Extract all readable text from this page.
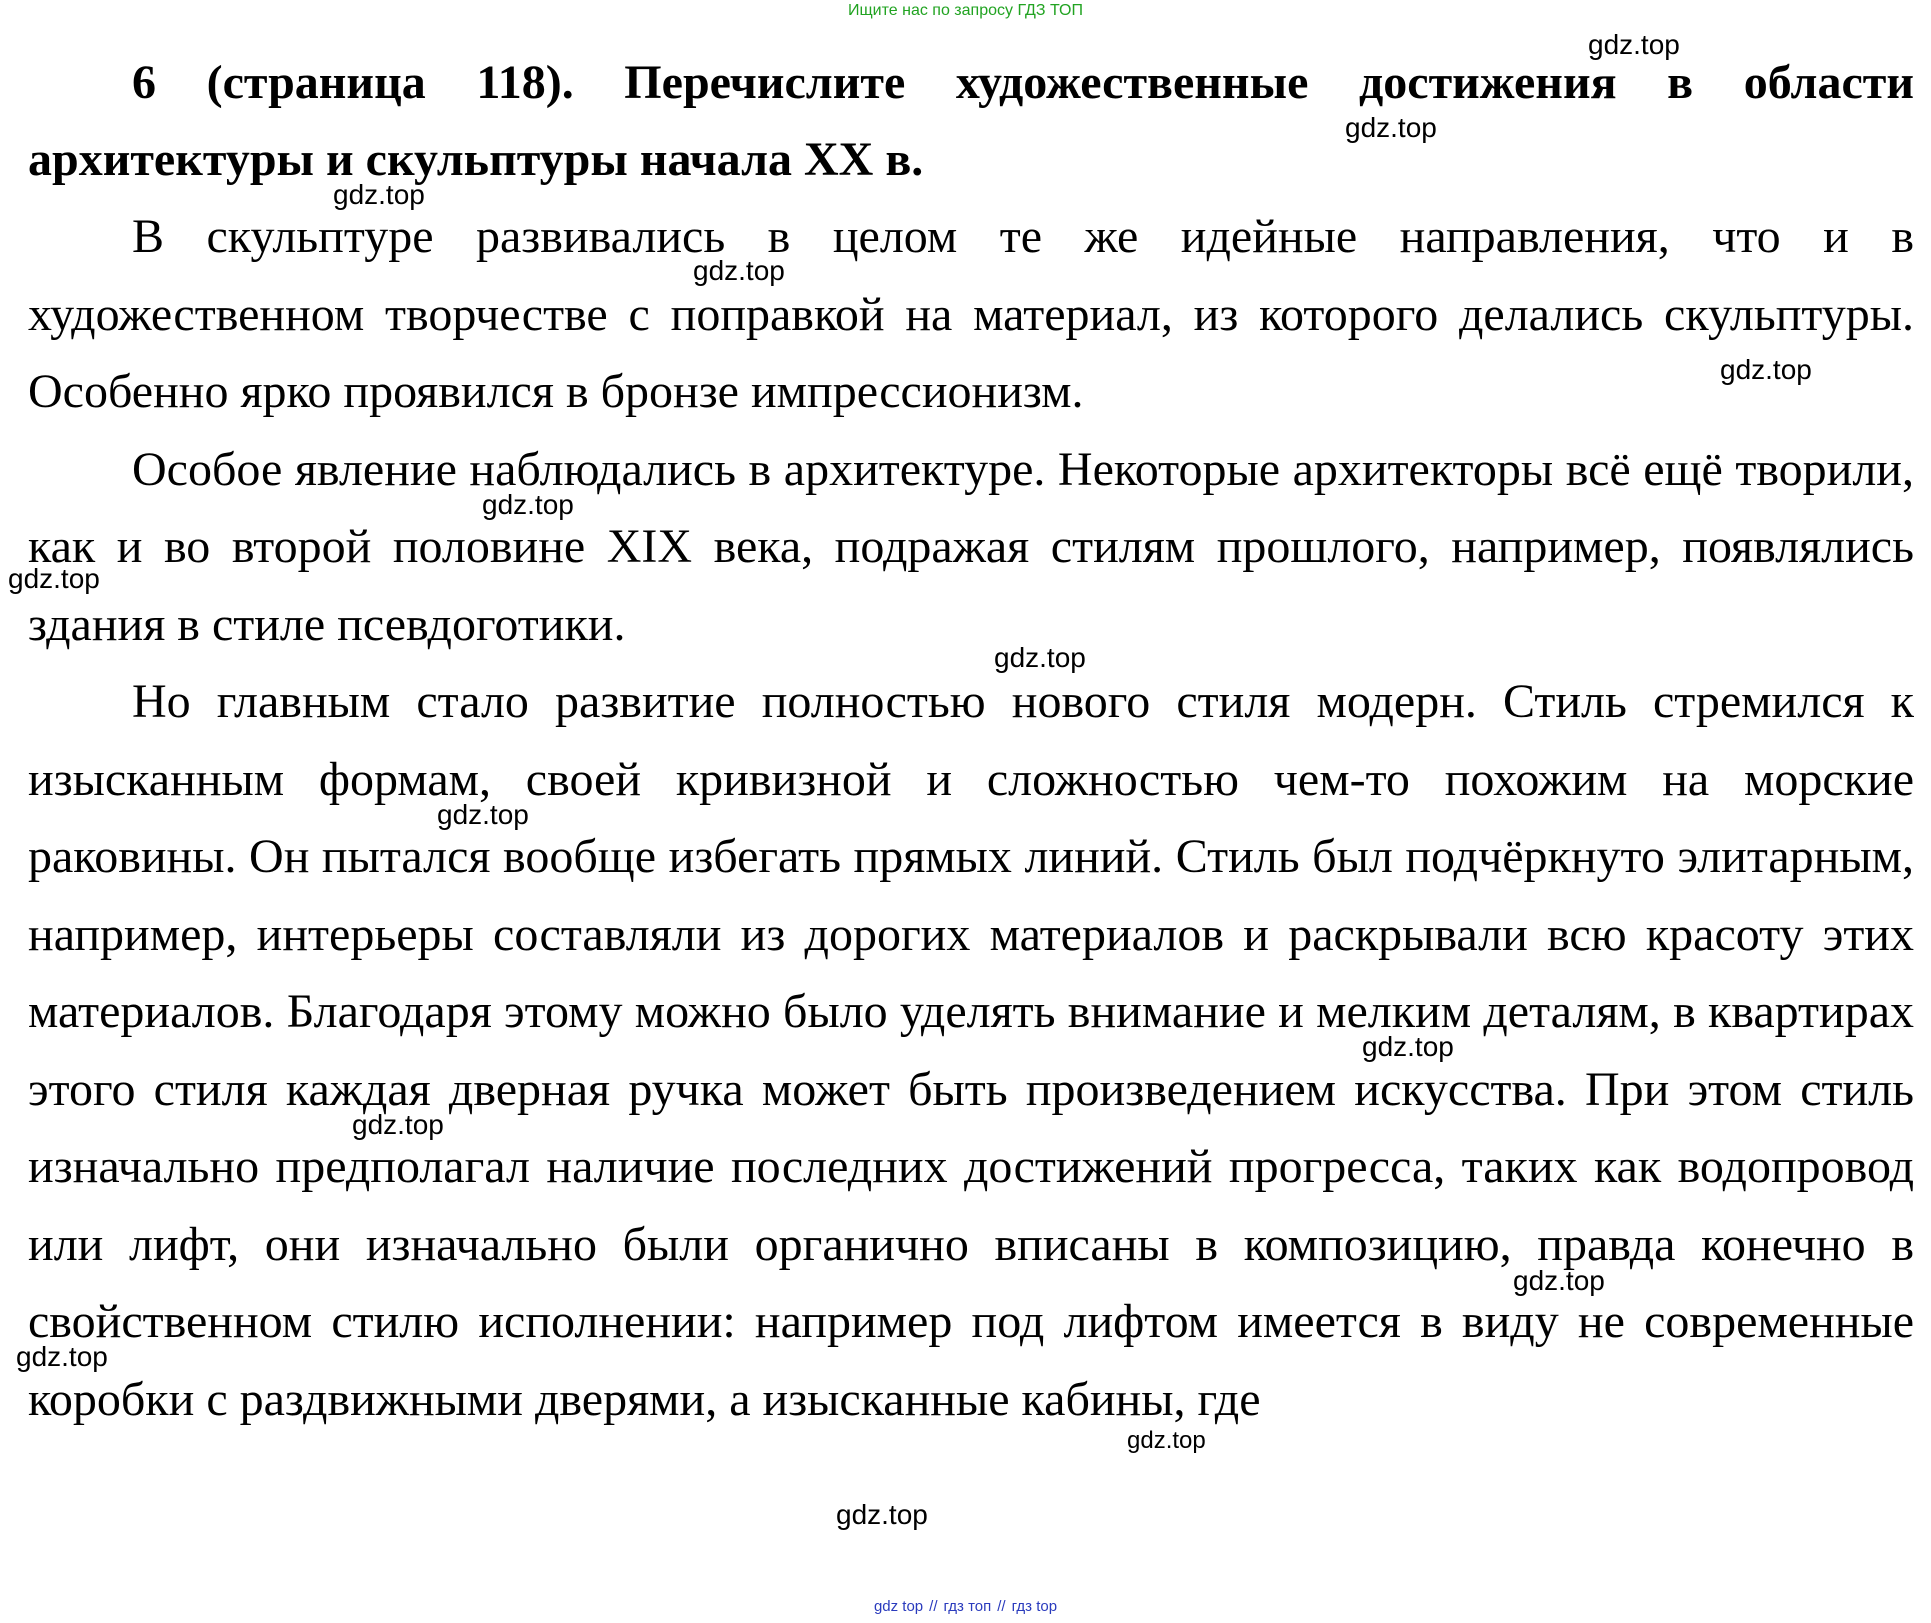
Ищите нас по запросу ГДЗ ТОП

6 (страница 118). Перечислите художественные достижения в области архитектуры и скульптуры начала XX в.

В скульптуре развивались в целом те же идейные направления, что и в художественном творчестве с поправкой на материал, из которого делались скульптуры. Особенно ярко проявился в бронзе импрессионизм.

Особое явление наблюдались в архитектуре. Некоторые архитекторы всё ещё творили, как и во второй половине XIX века, подражая стилям прошлого, например, появлялись здания в стиле псевдоготики.

Но главным стало развитие полностью нового стиля модерн. Стиль стремился к изысканным формам, своей кривизной и сложностью чем-то похожим на морские раковины. Он пытался вообще избегать прямых линий. Стиль был подчёркнуто элитарным, например, интерьеры составляли из дорогих материалов и раскрывали всю красоту этих материалов. Благодаря этому можно было уделять внимание и мелким деталям, в квартирах этого стиля каждая дверная ручка может быть произведением искусства. При этом стиль изначально предполагал наличие последних достижений прогресса, таких как водопровод или лифт, они изначально были органично вписаны в композицию, правда конечно в свойственном стилю исполнении: например под лифтом имеется в виду не современные коробки с раздвижными дверями, а изысканные кабины, где

gdz.top
gdz.top
gdz.top
gdz.top
gdz.top
gdz.top
gdz.top
gdz.top
gdz.top
gdz.top
gdz.top
gdz.top
gdz.top
gdz.top
gdz.top
gdz top // гдз топ // гдз top
